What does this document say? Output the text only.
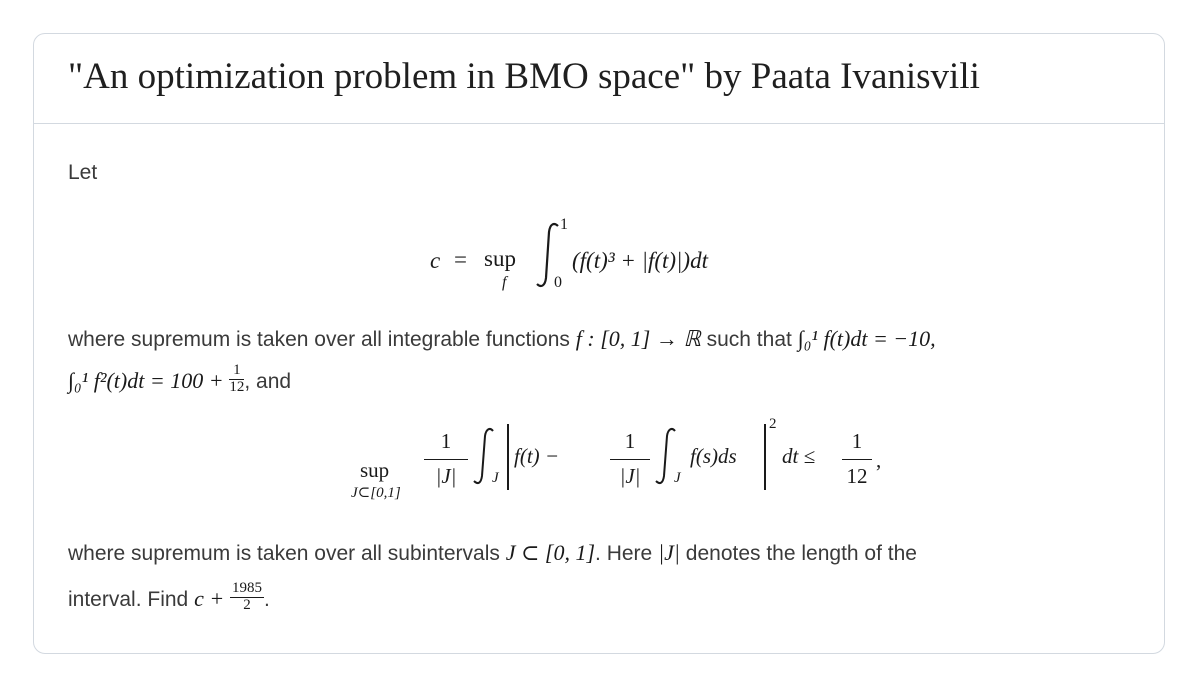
"An optimization problem in BMO space" by Paata Ivanisvili
Let
c = sup
f
1
0
(f(t)³ + |f(t)|)dt
where supremum is taken over all integrable functions f : [0, 1] → ℝ such that ∫₀¹ f(t)dt = −10,
∫₀¹ $f^2(t)dt = 100 + \frac{1}{12}$ , and
sup
J⊂[0,1]
1
|J|	J
f(t) −
1
|J|	J
f(s)ds
2
dt ≤
1
12
,
where supremum is taken over all subintervals J ⊂ [0, 1]. Here |J| denotes the length of the
interval. Find $c + \frac{1985}{2}$ .
